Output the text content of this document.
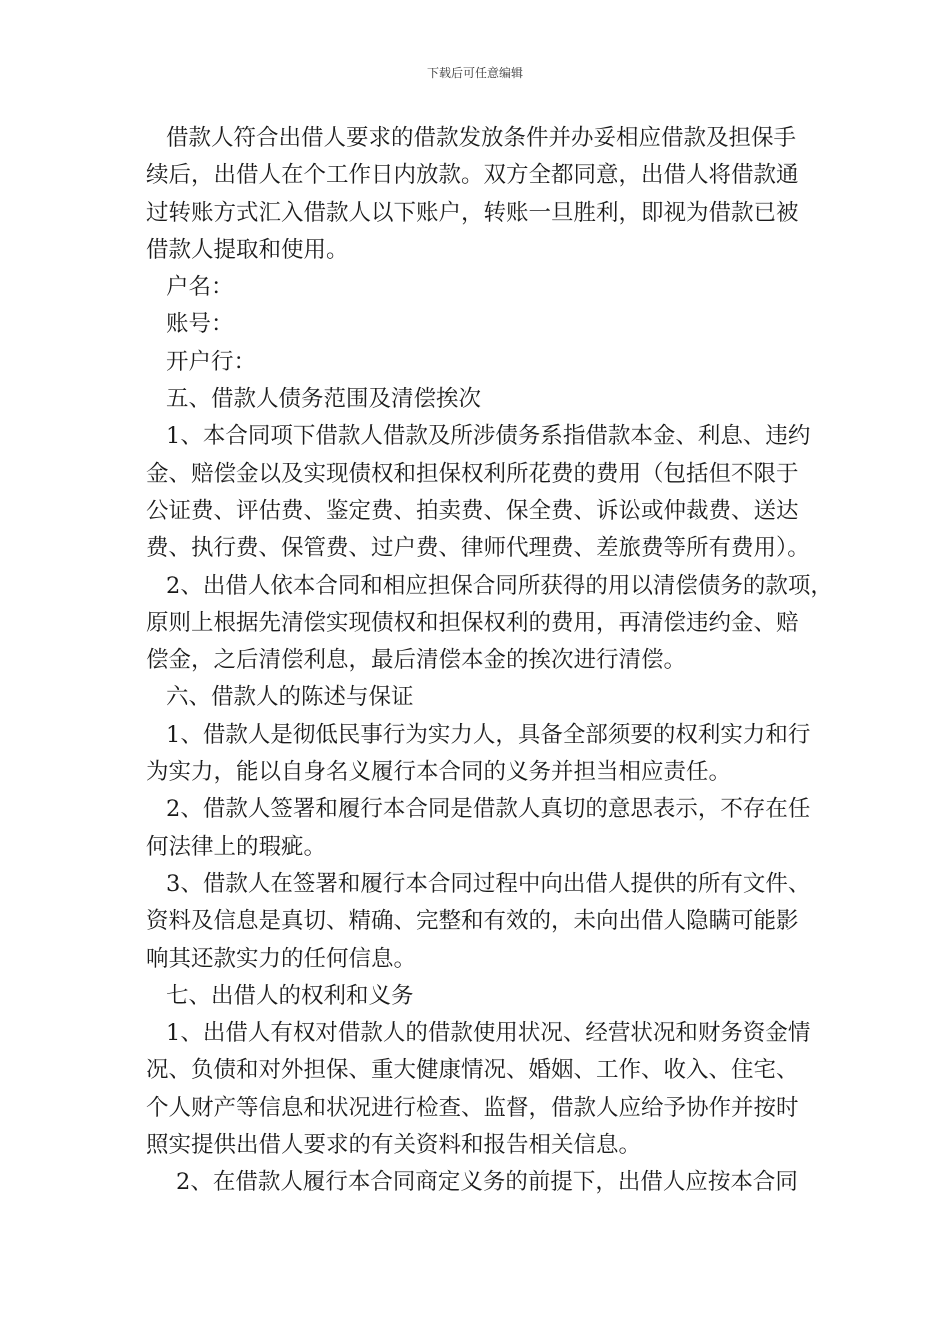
下载后可任意编辑
借款人符合出借人要求的借款发放条件并办妥相应借款及担保手
续后，出借人在个工作日内放款。双方全都同意，出借人将借款通
过转账方式汇入借款人以下账户，转账一旦胜利，即视为借款已被
借款人提取和使用。
户名：
账号：
开户行：
五、借款人债务范围及清偿挨次
1、本合同项下借款人借款及所涉债务系指借款本金、利息、违约
金、赔偿金以及实现债权和担保权利所花费的费用（包括但不限于
公证费、评估费、鉴定费、拍卖费、保全费、诉讼或仲裁费、送达
费、执行费、保管费、过户费、律师代理费、差旅费等所有费用）。
2、出借人依本合同和相应担保合同所获得的用以清偿债务的款项，
原则上根据先清偿实现债权和担保权利的费用，再清偿违约金、赔
偿金，之后清偿利息，最后清偿本金的挨次进行清偿。
六、借款人的陈述与保证
1、借款人是彻低民事行为实力人，具备全部须要的权利实力和行
为实力，能以自身名义履行本合同的义务并担当相应责任。
2、借款人签署和履行本合同是借款人真切的意思表示，不存在任
何法律上的瑕疵。
3、借款人在签署和履行本合同过程中向出借人提供的所有文件、
资料及信息是真切、精确、完整和有效的，未向出借人隐瞒可能影
响其还款实力的任何信息。
七、出借人的权利和义务
1、出借人有权对借款人的借款使用状况、经营状况和财务资金情
况、负债和对外担保、重大健康情况、婚姻、工作、收入、住宅、
个人财产等信息和状况进行检查、监督，借款人应给予协作并按时
照实提供出借人要求的有关资料和报告相关信息。
2、在借款人履行本合同商定义务的前提下，出借人应按本合同
